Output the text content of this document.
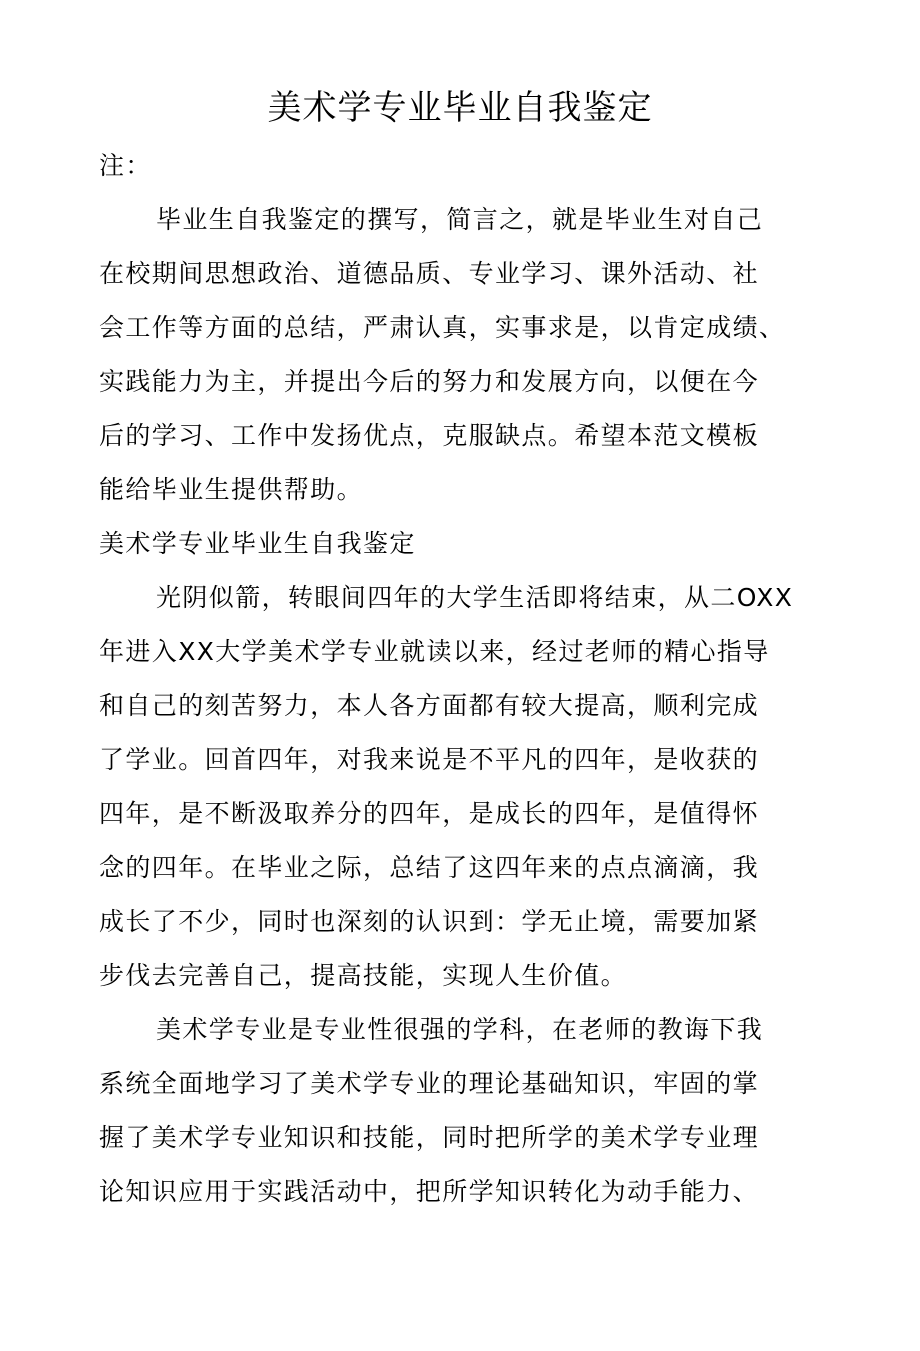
美术学专业毕业自我鉴定
注：
毕业生自我鉴定的撰写，简言之，就是毕业生对自己
在校期间思想政治、道德品质、专业学习、课外活动、社
会工作等方面的总结，严肃认真，实事求是，以肯定成绩、
实践能力为主，并提出今后的努力和发展方向，以便在今
后的学习、工作中发扬优点，克服缺点。希望本范文模板
能给毕业生提供帮助。
美术学专业毕业生自我鉴定
光阴似箭，转眼间四年的大学生活即将结束，从二OXX
年进入XX大学美术学专业就读以来，经过老师的精心指导
和自己的刻苦努力，本人各方面都有较大提高，顺利完成
了学业。回首四年，对我来说是不平凡的四年，是收获的
四年，是不断汲取养分的四年，是成长的四年，是值得怀
念的四年。在毕业之际，总结了这四年来的点点滴滴，我
成长了不少，同时也深刻的认识到：学无止境，需要加紧
步伐去完善自己，提高技能，实现人生价值。
美术学专业是专业性很强的学科，在老师的教诲下我
系统全面地学习了美术学专业的理论基础知识，牢固的掌
握了美术学专业知识和技能，同时把所学的美术学专业理
论知识应用于实践活动中，把所学知识转化为动手能力、
